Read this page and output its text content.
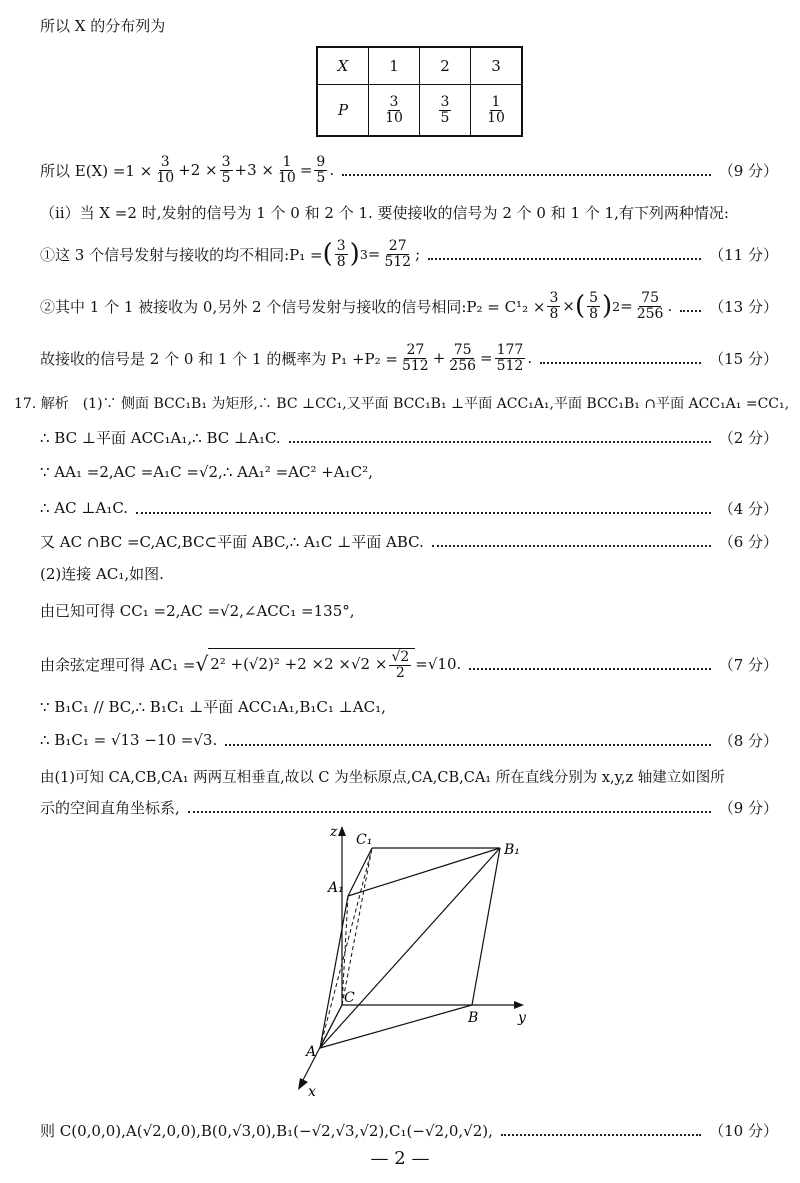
所以 X 的分布列为
X	1	2	3
P	$\frac{3}{10}$	$\frac{3}{5}$	$\frac{1}{10}$
所以 $E(X) =1 \times \frac{3}{10} +2 \times \frac{3}{5} +3 \times \frac{1}{10} = \frac{9}{5}$ .	（9 分）
（ⅱ）当 X =2 时,发射的信号为 1 个 0 和 2 个 1. 要使接收的信号为 2 个 0 和 1 个 1,有下列两种情况:
①这 3 个信号发射与接收的均不相同:P₁ = ( $\frac{3}{8}$ ) $3 = \frac{27}{512}$ ;	（11 分）
②其中 1 个 1 被接收为 0,另外 2 个信号发射与接收的信号相同:P₂ = $C^1_2 \times \frac{3}{8}$ × ( $\frac{5}{8}$ ) $2 = \frac{75}{256}$ . （13 分）
故接收的信号是 2 个 0 和 1 个 1 的概率为 $P_1 +P_2 = \frac{27}{512} + \frac{75}{256} = \frac{177}{512}$ .	（15 分）
17. 解析　(1)∵ 侧面 BCC₁B₁ 为矩形,∴ BC ⊥CC₁,又平面 BCC₁B₁ ⊥平面 ACC₁A₁,平面 BCC₁B₁ ∩平面 ACC₁A₁ =CC₁,
∴ BC ⊥平面 ACC₁A₁,∴ BC ⊥A₁C.	（2 分）
∵ AA₁ =2,AC =A₁C =√2,∴ AA₁² =AC² +A₁C²,
∴ AC ⊥A₁C.	（4 分）
又 AC ∩BC =C,AC,BC⊂平面 ABC,∴ A₁C ⊥平面 ABC.	（6 分）
(2)连接 AC₁,如图.
由已知可得 CC₁ =2,AC =√2,∠ACC₁ =135°,
由余弦定理可得 AC₁ = √ $2^2 +(√2)^2 +2 \times 2 \times√2 \times \frac{√2}{2} = √10$.	（7 分）
∵ B₁C₁ // BC,∴ B₁C₁ ⊥平面 ACC₁A₁,B₁C₁ ⊥AC₁,
∴ B₁C₁ = √13 −10 =√3.	（8 分）
由(1)可知 CA,CB,CA₁ 两两互相垂直,故以 C 为坐标原点,CA,CB,CA₁ 所在直线分别为 x,y,z 轴建立如图所
示的空间直角坐标系,	（9 分）
z
y
x
A
B
C
A₁
B₁
C₁
则 C(0,0,0),A(√2,0,0),B(0,√3,0),B₁(−√2,√3,√2),C₁(−√2,0,√2),	（10 分）
— 2 —
